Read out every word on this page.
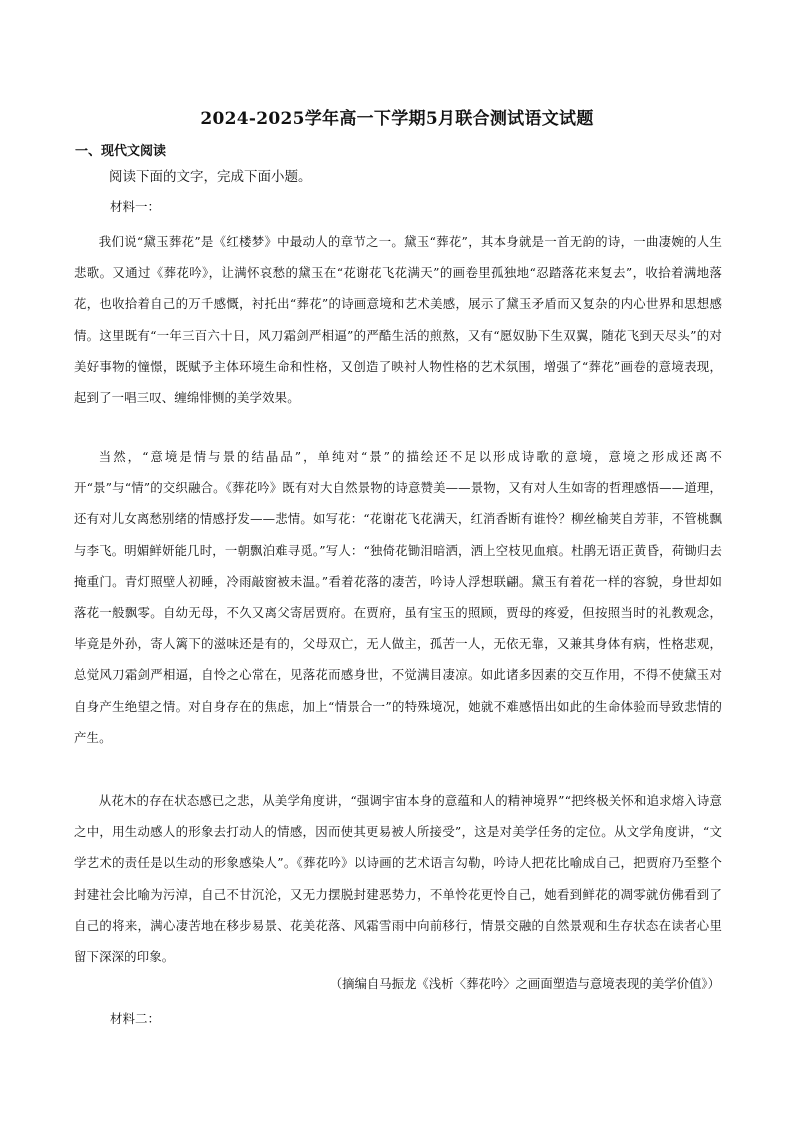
2024-2025学年高一下学期5月联合测试语文试题
一、现代文阅读
阅读下面的文字，完成下面小题。
材料一：

我们说“黛玉葬花”是《红楼梦》中最动人的章节之一。黛玉“葬花”，其本身就是一首无韵的诗，一曲凄婉的人生悲歌。又通过《葬花吟》，让满怀哀愁的黛玉在“花谢花飞花满天”的画卷里孤独地“忍踏落花来复去”，收拾着满地落花，也收拾着自己的万千感慨，衬托出“葬花”的诗画意境和艺术美感，展示了黛玉矛盾而又复杂的内心世界和思想感情。这里既有“一年三百六十日，风刀霜剑严相逼”的严酷生活的煎熬，又有“愿奴胁下生双翼，随花飞到天尽头”的对美好事物的憧憬，既赋予主体环境生命和性格，又创造了映衬人物性格的艺术氛围，增强了“葬花”画卷的意境表现，起到了一唱三叹、缠绵悱恻的美学效果。

当然，“意境是情与景的结晶品”，单纯对“景”的描绘还不足以形成诗歌的意境，意境之形成还离不开“景”与“情”的交织融合。《葬花吟》既有对大自然景物的诗意赞美——景物，又有对人生如寄的哲理感悟——道理，还有对儿女离愁别绪的情感抒发——悲情。如写花：“花谢花飞花满天，红消香断有谁怜？柳丝榆荚自芳菲，不管桃飘与李飞。明媚鲜妍能几时，一朝飘泊难寻觅。”写人：“独倚花锄泪暗洒，洒上空枝见血痕。杜鹃无语正黄昏，荷锄归去掩重门。青灯照壁人初睡，冷雨敲窗被未温。”看着花落的凄苦，吟诗人浮想联翩。黛玉有着花一样的容貌，身世却如落花一般飘零。自幼无母，不久又离父寄居贾府。在贾府，虽有宝玉的照顾，贾母的疼爱，但按照当时的礼教观念，毕竟是外孙，寄人篱下的滋味还是有的，父母双亡，无人做主，孤苦一人，无依无靠，又兼其身体有病，性格悲观，总觉风刀霜剑严相逼，自怜之心常在，见落花而感身世，不觉满目凄凉。如此诸多因素的交互作用，不得不使黛玉对自身产生绝望之情。对自身存在的焦虑，加上“情景合一”的特殊境况，她就不难感悟出如此的生命体验而导致悲情的产生。

从花木的存在状态感已之悲，从美学角度讲，“强调宇宙本身的意蕴和人的精神境界”“把终极关怀和追求熔入诗意之中，用生动感人的形象去打动人的情感，因而使其更易被人所接受”，这是对美学任务的定位。从文学角度讲，“文学艺术的责任是以生动的形象感染人”。《葬花吟》以诗画的艺术语言勾勒，吟诗人把花比喻成自己，把贾府乃至整个封建社会比喻为污淖，自己不甘沉沦，又无力摆脱封建恶势力，不单怜花更怜自己，她看到鲜花的凋零就仿佛看到了自己的将来，满心凄苦地在移步易景、花美花落、风霜雪雨中向前移行，情景交融的自然景观和生存状态在读者心里留下深深的印象。

（摘编自马振龙《浅析〈葬花吟〉之画面塑造与意境表现的美学价值》）
材料二：
